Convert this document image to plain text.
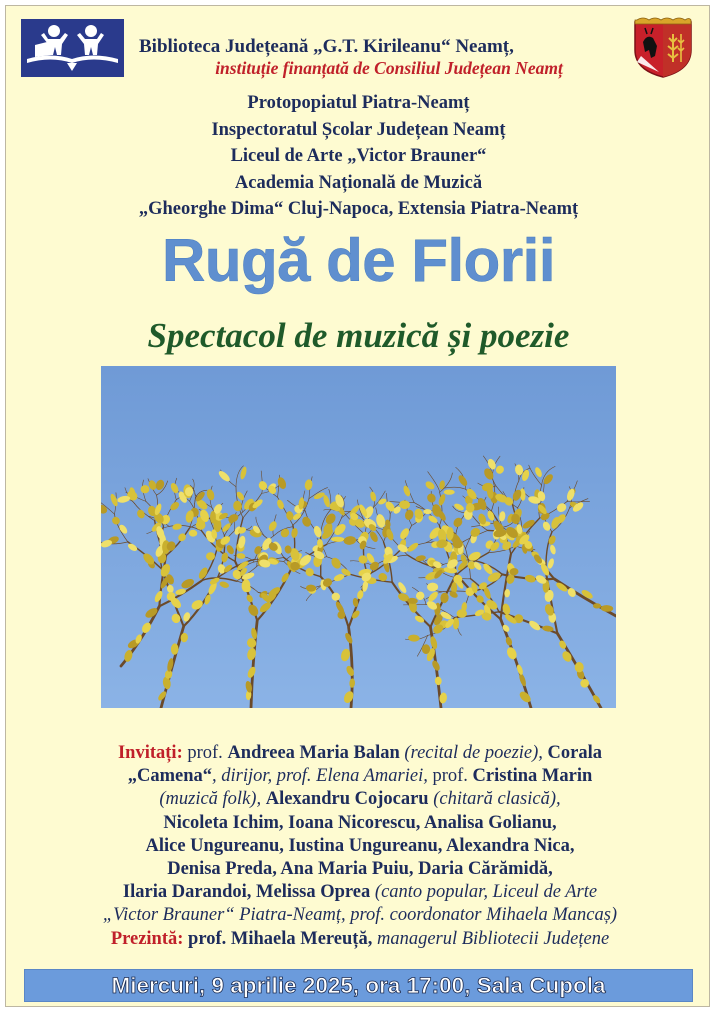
Biblioteca Județeană „G.T. Kirileanu“ Neamț,
instituție finanțată de Consiliul Județean Neamț
Protopopiatul Piatra-Neamț
Inspectoratul Școlar Județean Neamț
Liceul de Arte „Victor Brauner“
Academia Națională de Muzică
„Gheorghe Dima“ Cluj-Napoca, Extensia Piatra-Neamț
Rugă de Florii
Spectacol de muzică și poezie
Invitați: prof. Andreea Maria Balan (recital de poezie), Corala
„Camena“, dirijor, prof. Elena Amariei, prof. Cristina Marin
(muzică folk), Alexandru Cojocaru (chitară clasică),
Nicoleta Ichim, Ioana Nicorescu, Analisa Golianu,
Alice Ungureanu, Iustina Ungureanu, Alexandra Nica,
Denisa Preda, Ana Maria Puiu, Daria Cărămidă,
Ilaria Darandoi, Melissa Oprea (canto popular, Liceul de Arte
„Victor Brauner“ Piatra-Neamț, prof. coordonator Mihaela Mancaș)
Prezintă: prof. Mihaela Mereuță, managerul Bibliotecii Județene
Miercuri, 9 aprilie 2025, ora 17:00, Sala Cupola
